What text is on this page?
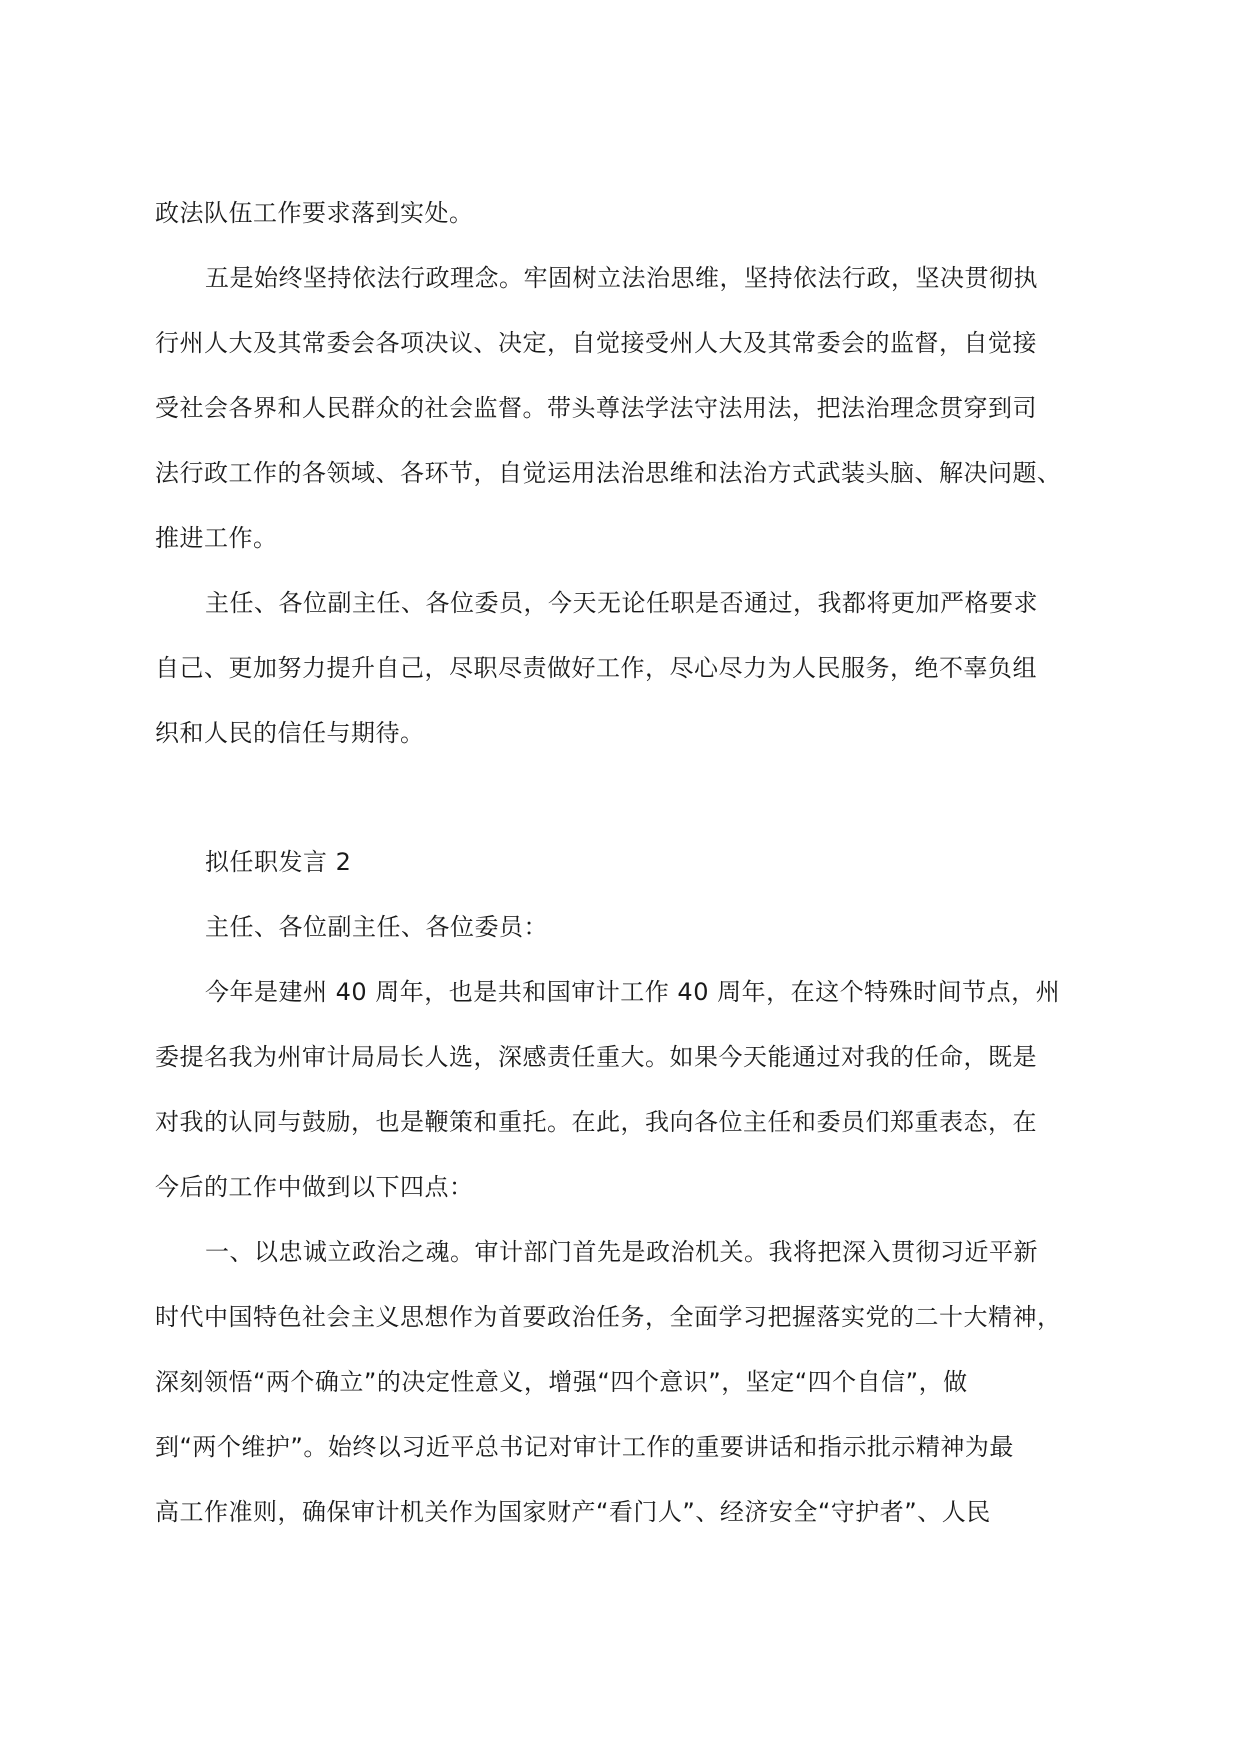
政法队伍工作要求落到实处。
五是始终坚持依法行政理念。牢固树立法治思维，坚持依法行政，坚决贯彻执
行州人大及其常委会各项决议、决定，自觉接受州人大及其常委会的监督，自觉接
受社会各界和人民群众的社会监督。带头尊法学法守法用法，把法治理念贯穿到司
法行政工作的各领域、各环节，自觉运用法治思维和法治方式武装头脑、解决问题、
推进工作。
主任、各位副主任、各位委员，今天无论任职是否通过，我都将更加严格要求
自己、更加努力提升自己，尽职尽责做好工作，尽心尽力为人民服务，绝不辜负组
织和人民的信任与期待。
拟任职发言 2
主任、各位副主任、各位委员：
今年是建州 40 周年，也是共和国审计工作 40 周年，在这个特殊时间节点，州
委提名我为州审计局局长人选，深感责任重大。如果今天能通过对我的任命，既是
对我的认同与鼓励，也是鞭策和重托。在此，我向各位主任和委员们郑重表态，在
今后的工作中做到以下四点：
一、以忠诚立政治之魂。审计部门首先是政治机关。我将把深入贯彻习近平新
时代中国特色社会主义思想作为首要政治任务，全面学习把握落实党的二十大精神，
深刻领悟“两个确立”的决定性意义，增强“四个意识”，坚定“四个自信”，做
到“两个维护”。始终以习近平总书记对审计工作的重要讲话和指示批示精神为最
高工作准则，确保审计机关作为国家财产“看门人”、经济安全“守护者”、人民
